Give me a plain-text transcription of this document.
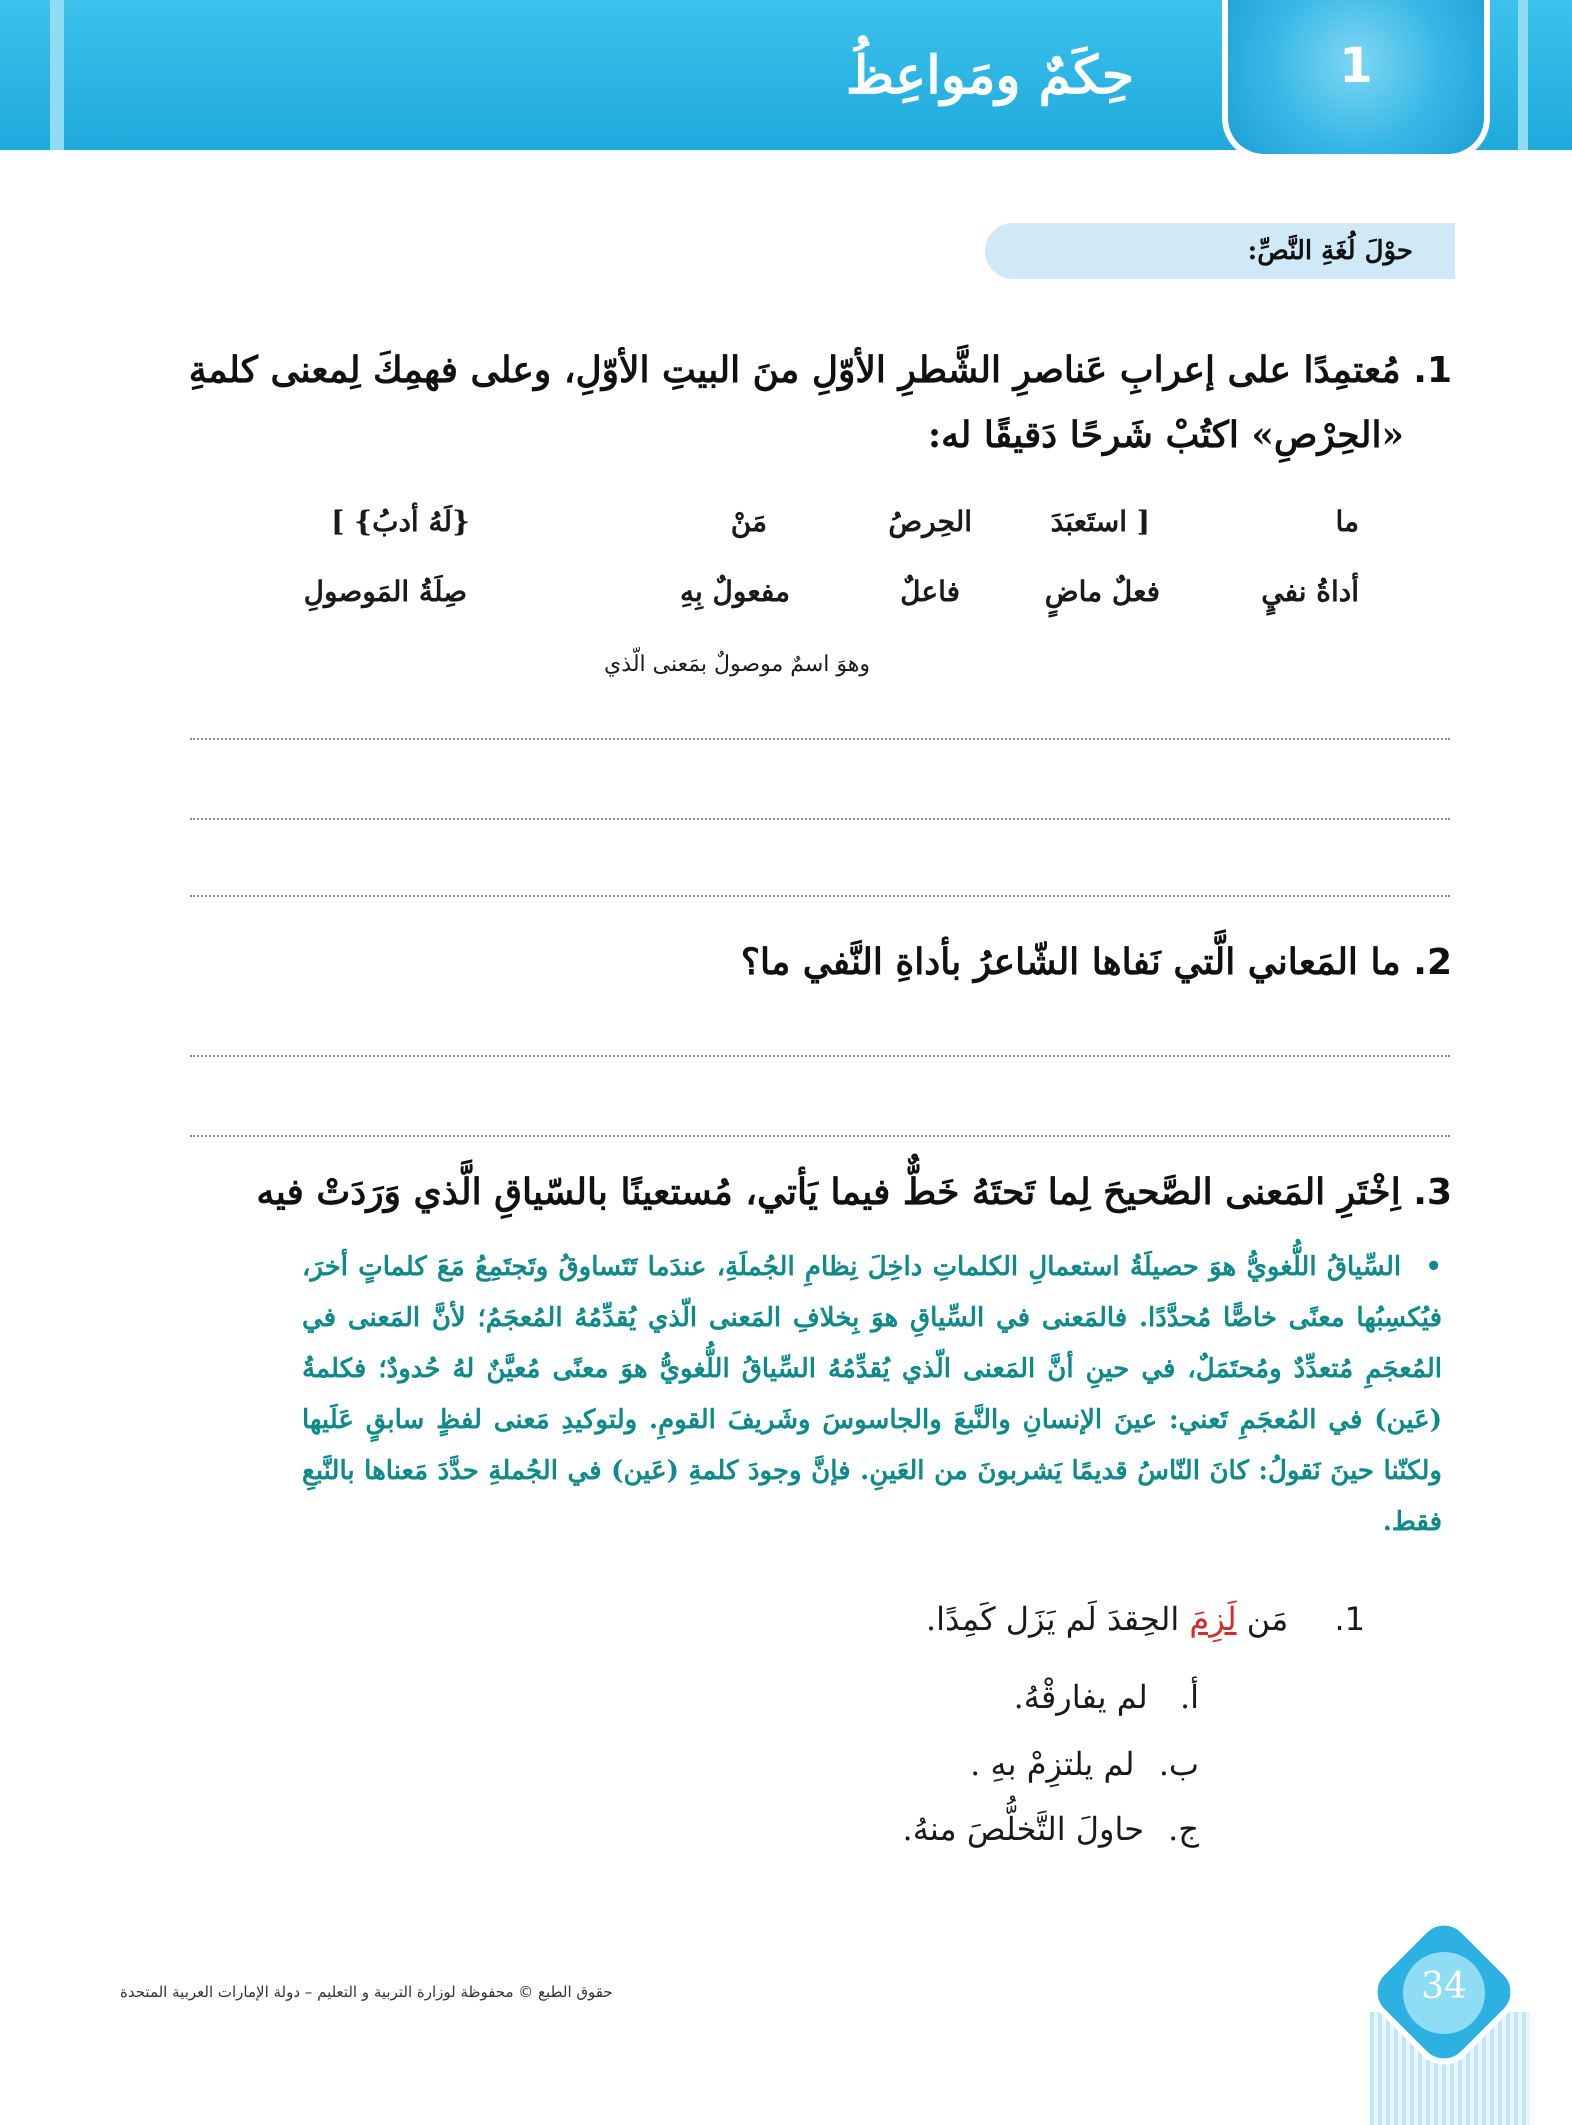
1
حِكَمٌ ومَواعِظُ
حوْلَ لُغَةِ النَّصِّ:
1. مُعتمِدًا على إعرابِ عَناصرِ الشَّطرِ الأوّلِ منَ البيتِ الأوّلِ، وعلى فهمِكَ لِمعنى كلمةِ
«الحِرْصِ» اكتُبْ شَرحًا دَقيقًا له:
ما
[ استَعبَدَ
الحِرصُ
مَنْ
{لَهُ أدبُ} ]
أداةُ نفيٍ
فعلٌ ماضٍ
فاعلٌ
مفعولٌ بِهِ
صِلَةُ المَوصولِ
وهوَ اسمٌ موصولٌ بمَعنى الّذي
2. ما المَعاني الَّتي نَفاها الشّاعرُ بأداةِ النَّفي ما؟
3. اِخْتَرِ المَعنى الصَّحيحَ لِما تَحتَهُ خَطٌّ فيما يَأتي، مُستعينًا بالسّياقِ الَّذي وَرَدَتْ فيه
• السِّياقُ اللُّغويُّ هوَ حصيلَةُ استعمالِ الكلماتِ داخِلَ نِظامِ الجُملَةِ، عندَما تَتَساوقُ وتَجتَمِعُ مَعَ كلماتٍ أخرَ، فيُكسِبُها معنًى خاصًّا مُحدَّدًا. فالمَعنى في السِّياقِ هوَ بِخلافِ المَعنى الّذي يُقدِّمُهُ المُعجَمُ؛ لأنَّ المَعنى في المُعجَمِ مُتعدِّدٌ ومُحتَمَلٌ، في حينِ أنَّ المَعنى الّذي يُقدِّمُهُ السِّياقُ اللُّغويُّ هوَ معنًى مُعيَّنٌ لهُ حُدودٌ؛ فكلمةُ (عَين) في المُعجَمِ تَعني: عينَ الإنسانِ والنَّبعَ والجاسوسَ وشَريفَ القومِ. ولتوكيدِ مَعنى لفظٍ سابقٍ عَلَيها ولكنّنا حينَ نَقولُ: كانَ النّاسُ قديمًا يَشربونَ من العَينِ. فإنَّ وجودَ كلمةِ (عَين) في الجُملةِ حدَّدَ مَعناها بالنَّبعِ فقط.
1. مَن لَزِمَ الحِقدَ لَم يَزَل كَمِدًا.
أ. لم يفارقْهُ.
ب. لم يلتزِمْ بهِ .
ج. حاولَ التَّخلُّصَ منهُ.
حقوق الطبع © محفوظة لوزارة التربية و التعليم – دولة الإمارات العربية المتحدة	34
